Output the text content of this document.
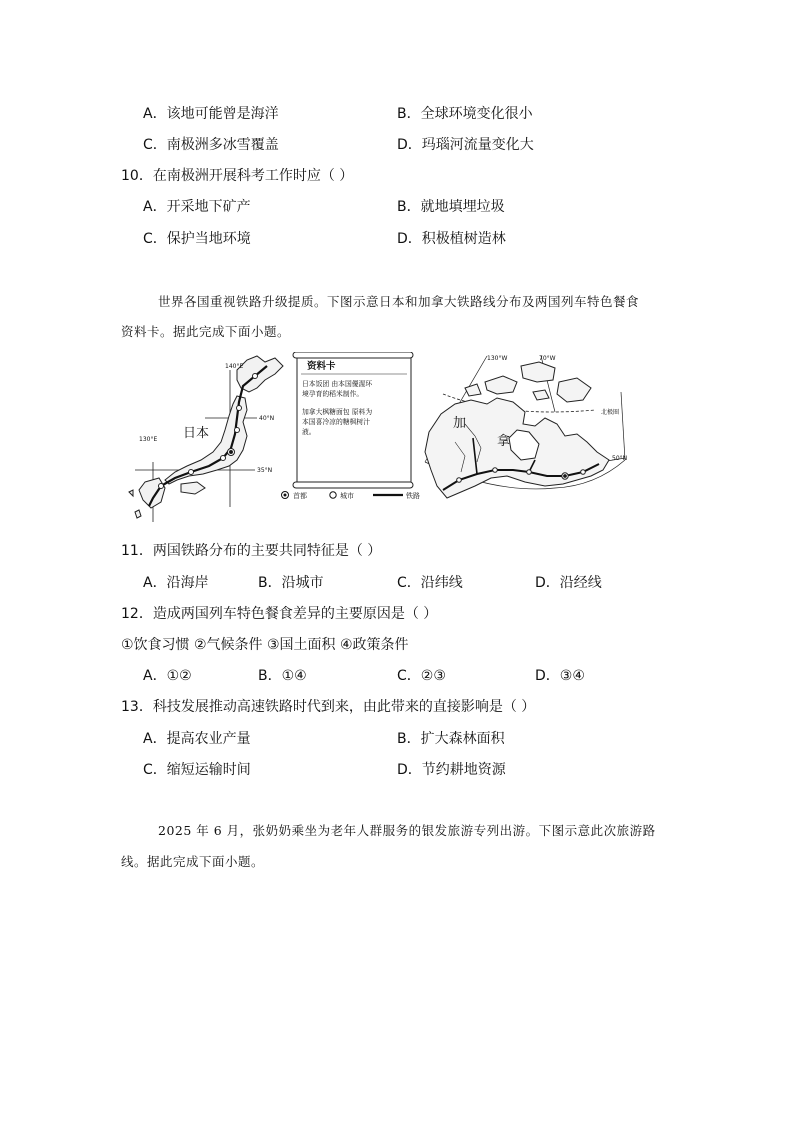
A．该地可能曾是海洋	B．全球环境变化很小
C．南极洲多冰雪覆盖	D．玛瑙河流量变化大
10．在南极洲开展科考工作时应（ ）
A．开采地下矿产	B．就地填埋垃圾
C．保护当地环境	D．积极植树造林
世界各国重视铁路升级提质。下图示意日本和加拿大铁路线分布及两国列车特色餐食
资料卡。据此完成下面小题。
140°E
130°E
40°N
35°N
日本
资料卡
日本饭团 由本国優渥环
境孕育的稻米制作。
加拿大枫糖面包 原料为
本国喜冷凉的糖枫树汁
液。
130°W	70°W
50°N
北极圈
加
拿
首都	城市	铁路
11．两国铁路分布的主要共同特征是（ ）
A．沿海岸	B．沿城市	C．沿纬线	D．沿经线
12．造成两国列车特色餐食差异的主要原因是（ ）
①饮食习惯 ②气候条件 ③国土面积 ④政策条件
A．①②	B．①④	C．②③	D．③④
13．科技发展推动高速铁路时代到来，由此带来的直接影响是（ ）
A．提高农业产量	B．扩大森林面积
C．缩短运输时间	D．节约耕地资源
2025 年 6 月，张奶奶乘坐为老年人群服务的银发旅游专列出游。下图示意此次旅游路
线。据此完成下面小题。
